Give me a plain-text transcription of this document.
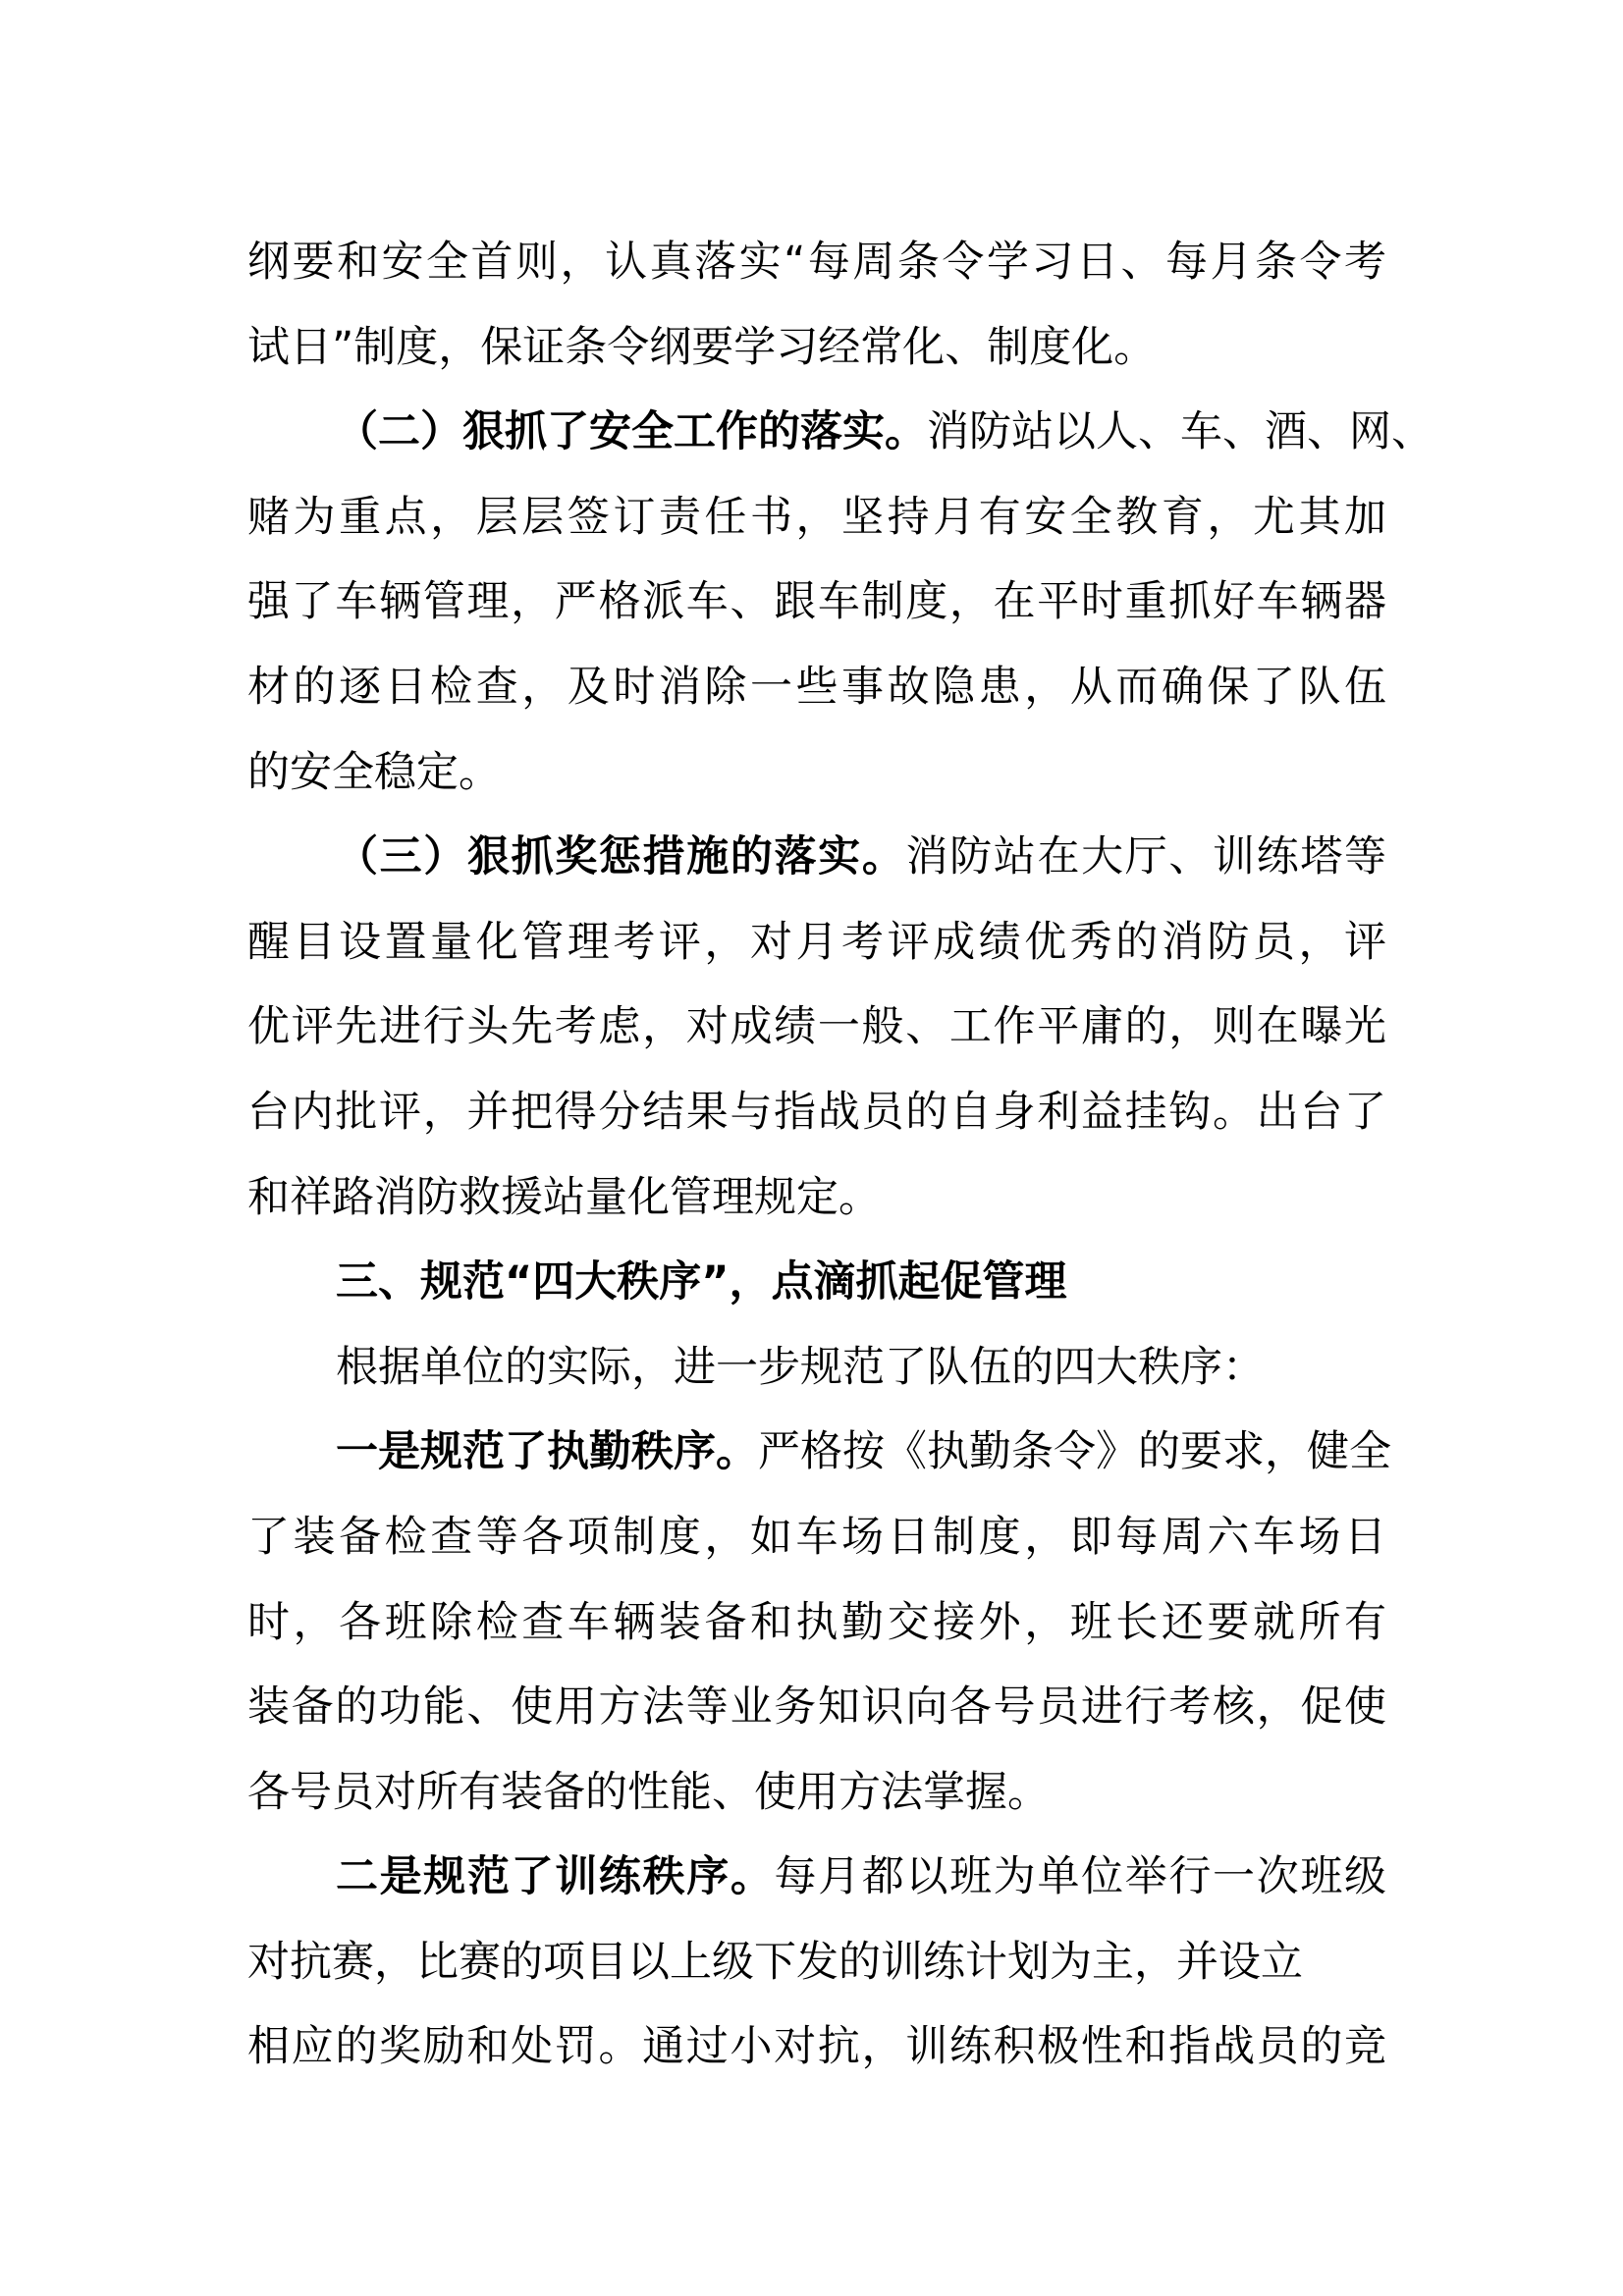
纲要和安全首则，认真落实“每周条令学习日、每月条令考
试日”制度，保证条令纲要学习经常化、制度化。
（二）狠抓了安全工作的落实。消防站以人、车、酒、网、
赌为重点，层层签订责任书，坚持月有安全教育，尤其加
强了车辆管理，严格派车、跟车制度，在平时重抓好车辆器
材的逐日检查，及时消除一些事故隐患，从而确保了队伍
的安全稳定。
（三）狠抓奖惩措施的落实。消防站在大厅、训练塔等
醒目设置量化管理考评，对月考评成绩优秀的消防员，评
优评先进行头先考虑，对成绩一般、工作平庸的，则在曝光
台内批评，并把得分结果与指战员的自身利益挂钩。出台了
和祥路消防救援站量化管理规定。
三、规范“四大秩序”，点滴抓起促管理
根据单位的实际，进一步规范了队伍的四大秩序：
一是规范了执勤秩序。严格按《执勤条令》的要求，健全
了装备检查等各项制度，如车场日制度，即每周六车场日
时，各班除检查车辆装备和执勤交接外，班长还要就所有
装备的功能、使用方法等业务知识向各号员进行考核，促使
各号员对所有装备的性能、使用方法掌握。
二是规范了训练秩序。每月都以班为单位举行一次班级
对抗赛，比赛的项目以上级下发的训练计划为主，并设立
相应的奖励和处罚。通过小对抗，训练积极性和指战员的竞
